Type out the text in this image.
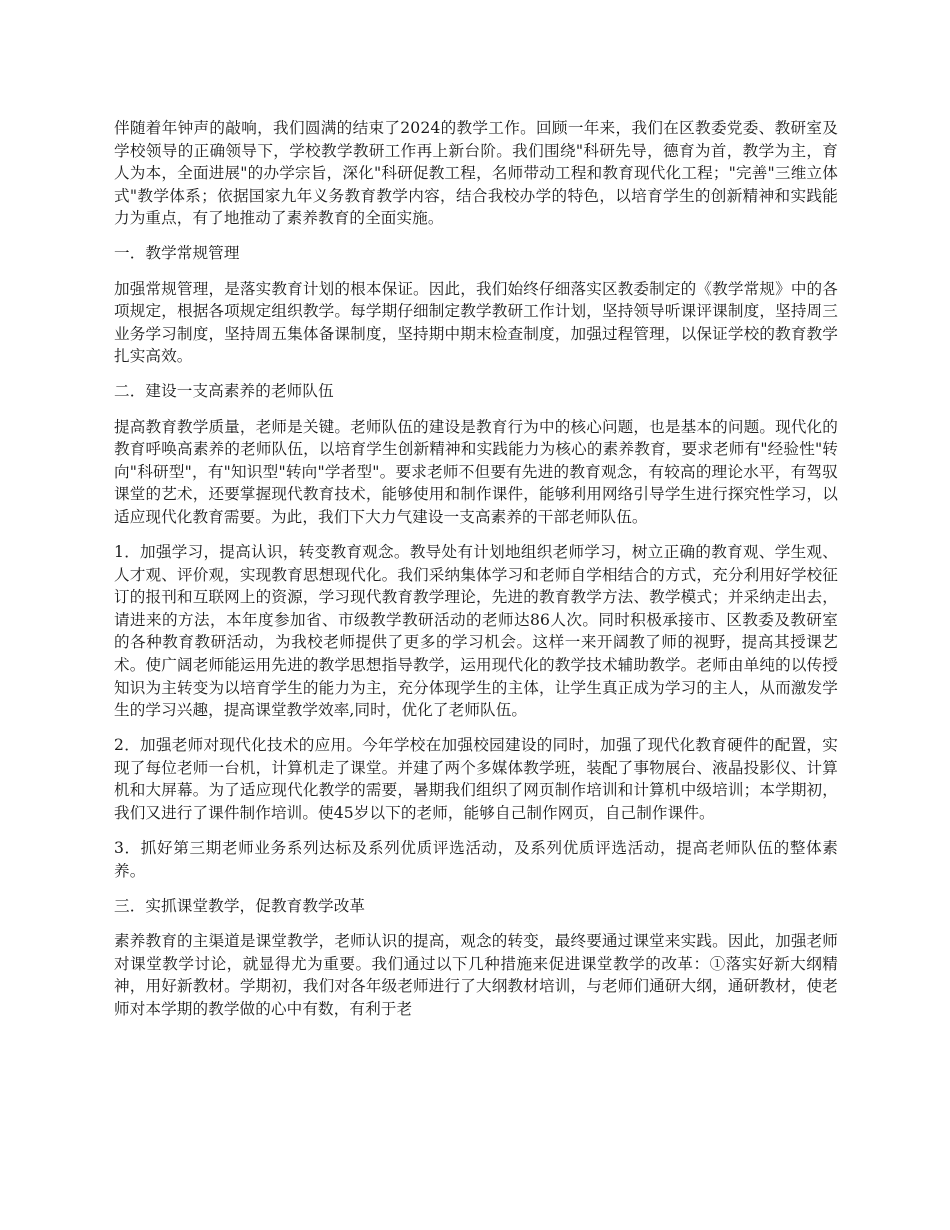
伴随着年钟声的敲响，我们圆满的结束了2024的教学工作。回顾一年来，我们在区教委党委、教研室及学校领导的正确领导下，学校教学教研工作再上新台阶。我们围绕"科研先导，德育为首，教学为主，育人为本，全面进展"的办学宗旨，深化"科研促教工程，名师带动工程和教育现代化工程；"完善"三维立体式"教学体系；依据国家九年义务教育教学内容，结合我校办学的特色，以培育学生的创新精神和实践能力为重点，有了地推动了素养教育的全面实施。

一．教学常规管理

加强常规管理，是落实教育计划的根本保证。因此，我们始终仔细落实区教委制定的《教学常规》中的各项规定，根据各项规定组织教学。每学期仔细制定教学教研工作计划，坚持领导听课评课制度，坚持周三业务学习制度，坚持周五集体备课制度，坚持期中期末检查制度，加强过程管理，以保证学校的教育教学扎实高效。

二．建设一支高素养的老师队伍

提高教育教学质量，老师是关键。老师队伍的建设是教育行为中的核心问题，也是基本的问题。现代化的教育呼唤高素养的老师队伍，以培育学生创新精神和实践能力为核心的素养教育，要求老师有"经验性"转向"科研型"，有"知识型"转向"学者型"。要求老师不但要有先进的教育观念，有较高的理论水平，有驾驭课堂的艺术，还要掌握现代教育技术，能够使用和制作课件，能够利用网络引导学生进行探究性学习，以适应现代化教育需要。为此，我们下大力气建设一支高素养的干部老师队伍。

1．加强学习，提高认识，转变教育观念。教导处有计划地组织老师学习，树立正确的教育观、学生观、人才观、评价观，实现教育思想现代化。我们采纳集体学习和老师自学相结合的方式，充分利用好学校征订的报刊和互联网上的资源，学习现代教育教学理论，先进的教育教学方法、教学模式；并采纳走出去，请进来的方法，本年度参加省、市级教学教研活动的老师达86人次。同时积极承接市、区教委及教研室的各种教育教研活动，为我校老师提供了更多的学习机会。这样一来开阔教了师的视野，提高其授课艺术。使广阔老师能运用先进的教学思想指导教学，运用现代化的教学技术辅助教学。老师由单纯的以传授知识为主转变为以培育学生的能力为主，充分体现学生的主体，让学生真正成为学习的主人，从而激发学生的学习兴趣，提高课堂教学效率,同时，优化了老师队伍。

2．加强老师对现代化技术的应用。今年学校在加强校园建设的同时，加强了现代化教育硬件的配置，实现了每位老师一台机，计算机走了课堂。并建了两个多媒体教学班，装配了事物展台、液晶投影仪、计算机和大屏幕。为了适应现代化教学的需要，暑期我们组织了网页制作培训和计算机中级培训；本学期初，我们又进行了课件制作培训。使45岁以下的老师，能够自己制作网页，自己制作课件。

3．抓好第三期老师业务系列达标及系列优质评选活动，及系列优质评选活动，提高老师队伍的整体素养。

三．实抓课堂教学，促教育教学改革

素养教育的主渠道是课堂教学，老师认识的提高，观念的转变，最终要通过课堂来实践。因此，加强老师对课堂教学讨论，就显得尤为重要。我们通过以下几种措施来促进课堂教学的改革：①落实好新大纲精神，用好新教材。学期初，我们对各年级老师进行了大纲教材培训，与老师们通研大纲，通研教材，使老师对本学期的教学做的心中有数，有利于老
